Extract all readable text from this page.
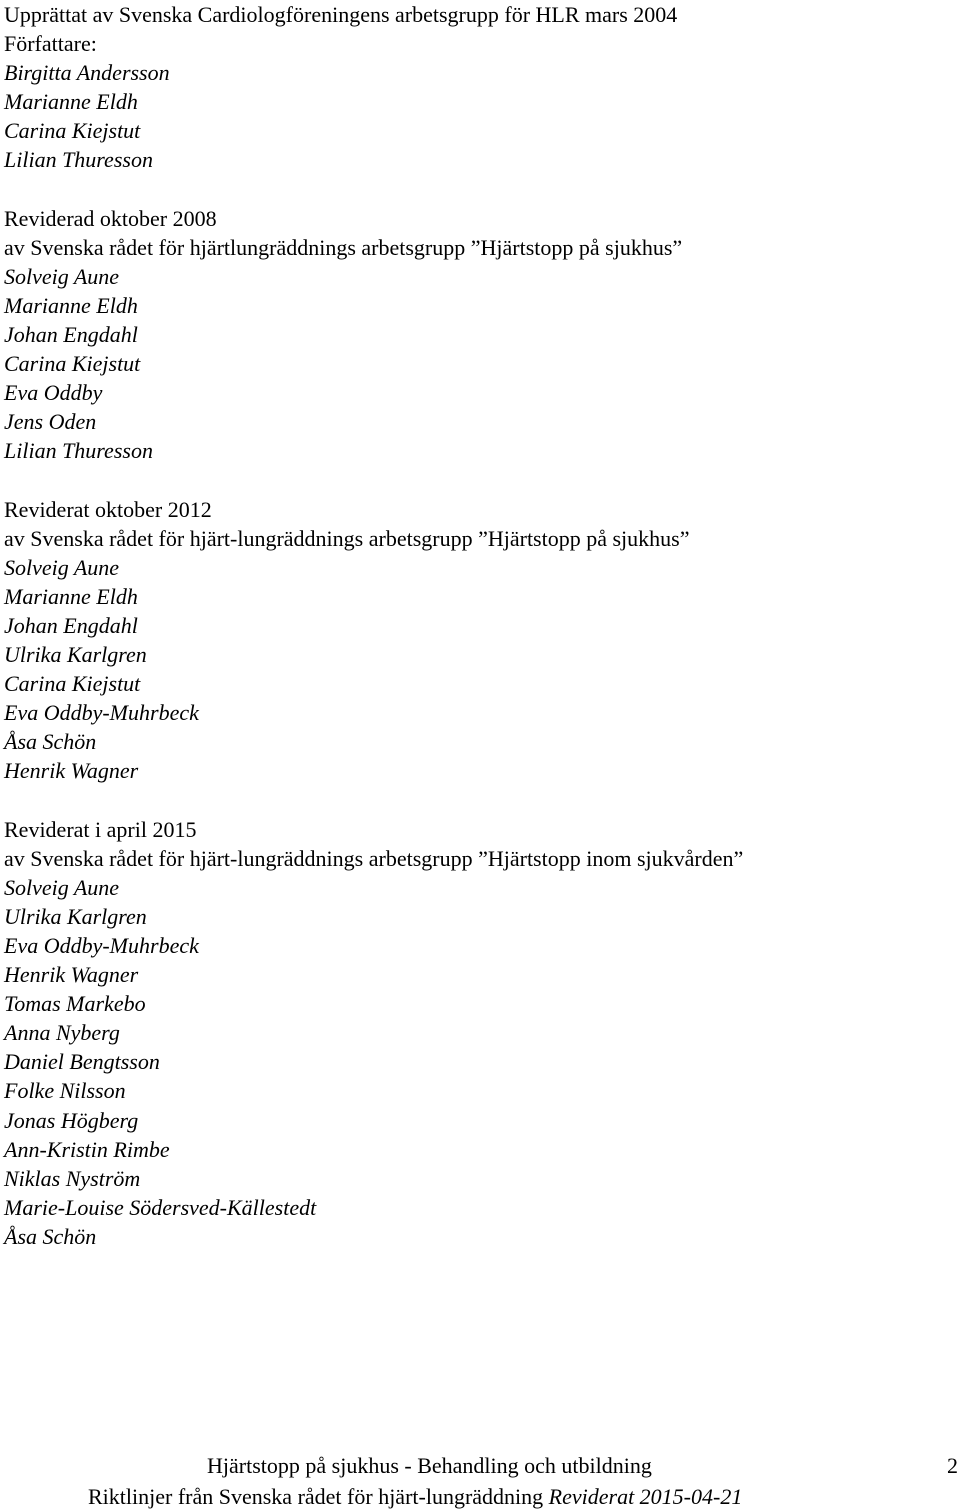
Upprättat av Svenska Cardiologföreningens arbetsgrupp för HLR mars 2004
Författare:
Birgitta Andersson
Marianne Eldh
Carina Kiejstut
Lilian Thuresson
Reviderad oktober 2008
av Svenska rådet för hjärtlungräddnings arbetsgrupp ”Hjärtstopp på sjukhus”
Solveig Aune
Marianne Eldh
Johan Engdahl
Carina Kiejstut
Eva Oddby
Jens Oden
Lilian Thuresson
Reviderat oktober 2012
av Svenska rådet för hjärt-lungräddnings arbetsgrupp ”Hjärtstopp på sjukhus”
Solveig Aune
Marianne Eldh
Johan Engdahl
Ulrika Karlgren
Carina Kiejstut
Eva Oddby-Muhrbeck
Åsa Schön
Henrik Wagner
Reviderat i april 2015
av Svenska rådet för hjärt-lungräddnings arbetsgrupp ”Hjärtstopp inom sjukvården”
Solveig Aune
Ulrika Karlgren
Eva Oddby-Muhrbeck
Henrik Wagner
Tomas Markebo
Anna Nyberg
Daniel Bengtsson
Folke Nilsson
Jonas Högberg
Ann-Kristin Rimbe
Niklas Nyström
Marie-Louise Södersved-Källestedt
Åsa Schön
Hjärtstopp på sjukhus - Behandling och utbildning
Riktlinjer från Svenska rådet för hjärt-lungräddning Reviderat 2015-04-21
2
